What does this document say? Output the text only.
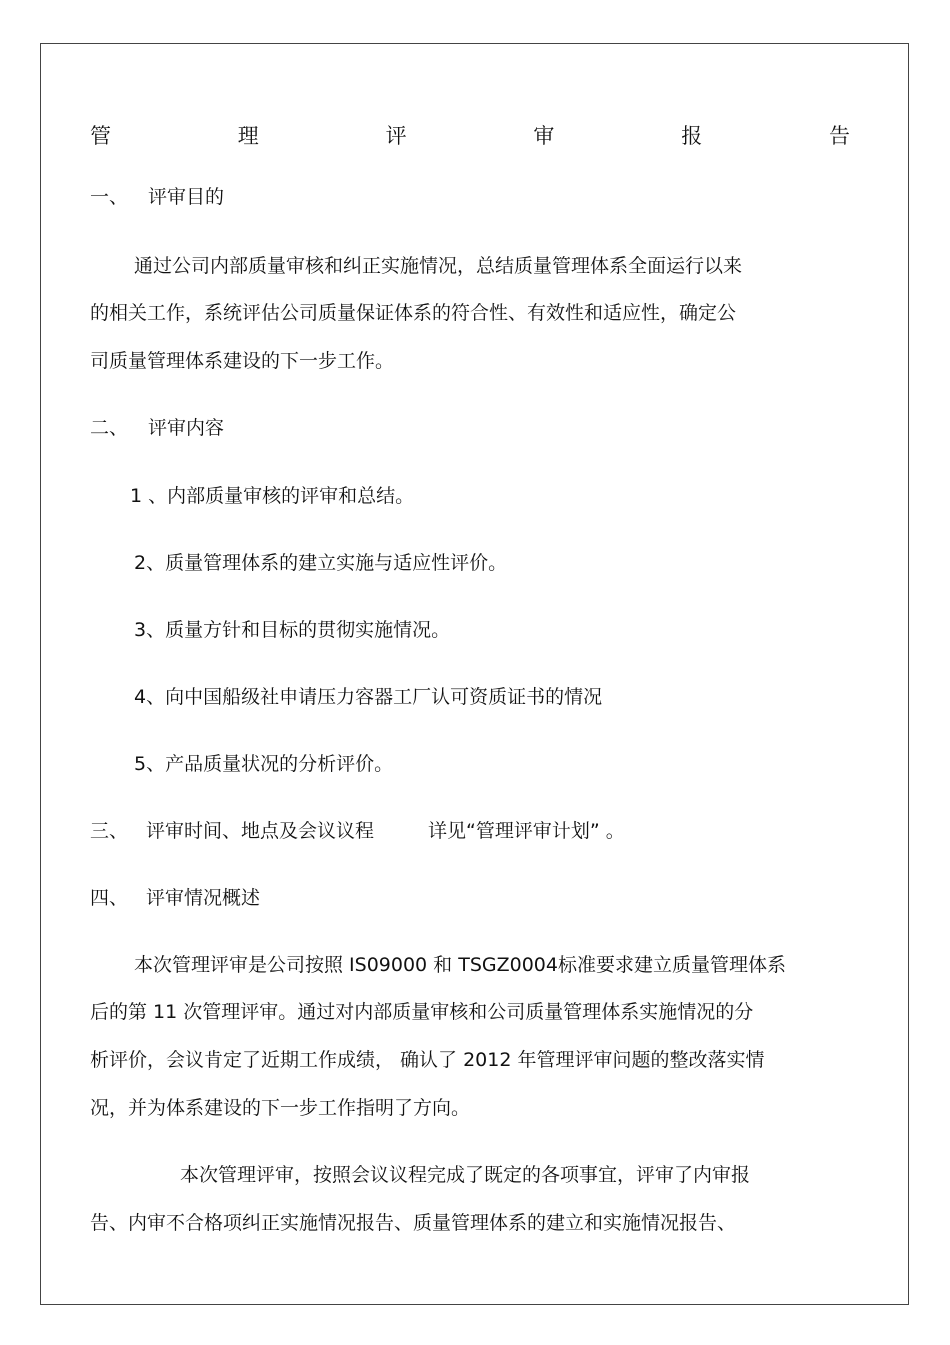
管	理	评	审	报	告
一、 评审目的
通过公司内部质量审核和纠正实施情况，总结质量管理体系全面运行以来
的相关工作，系统评估公司质量保证体系的符合性、有效性和适应性，确定公
司质量管理体系建设的下一步工作。
二、 评审内容
1 、内部质量审核的评审和总结。
2、质量管理体系的建立实施与适应性评价。
3、质量方针和目标的贯彻实施情况。
4、向中国船级社申请压力容器工厂认可资质证书的情况
5、产品质量状况的分析评价。
三、 评审时间、地点及会议议程	详见“管理评审计划” 。
四、 评审情况概述
本次管理评审是公司按照 IS09000 和 TSGZ0004标准要求建立质量管理体系
后的第 11 次管理评审。通过对内部质量审核和公司质量管理体系实施情况的分
析评价，会议肯定了近期工作成绩， 确认了 2012 年管理评审问题的整改落实情
况，并为体系建设的下一步工作指明了方向。
本次管理评审，按照会议议程完成了既定的各项事宜，评审了内审报
告、内审不合格项纠正实施情况报告、质量管理体系的建立和实施情况报告、
